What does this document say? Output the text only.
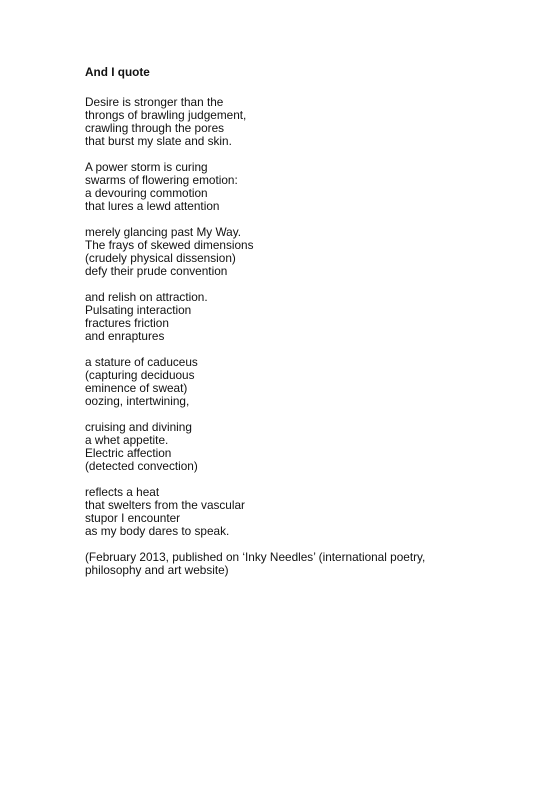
And I quote
Desire is stronger than the
throngs of brawling judgement,
crawling through the pores
that burst my slate and skin.
A power storm is curing
swarms of flowering emotion:
a devouring commotion
that lures a lewd attention
merely glancing past My Way.
The frays of skewed dimensions
(crudely physical dissension)
defy their prude convention
and relish on attraction.
Pulsating interaction
fractures friction
and enraptures
a stature of caduceus
(capturing deciduous
eminence of sweat)
oozing, intertwining,
cruising and divining
a whet appetite.
Electric affection
(detected convection)
reflects a heat
that swelters from the vascular
stupor I encounter
as my body dares to speak.
(February 2013, published on ‘Inky Needles’ (international poetry, philosophy and art website)
